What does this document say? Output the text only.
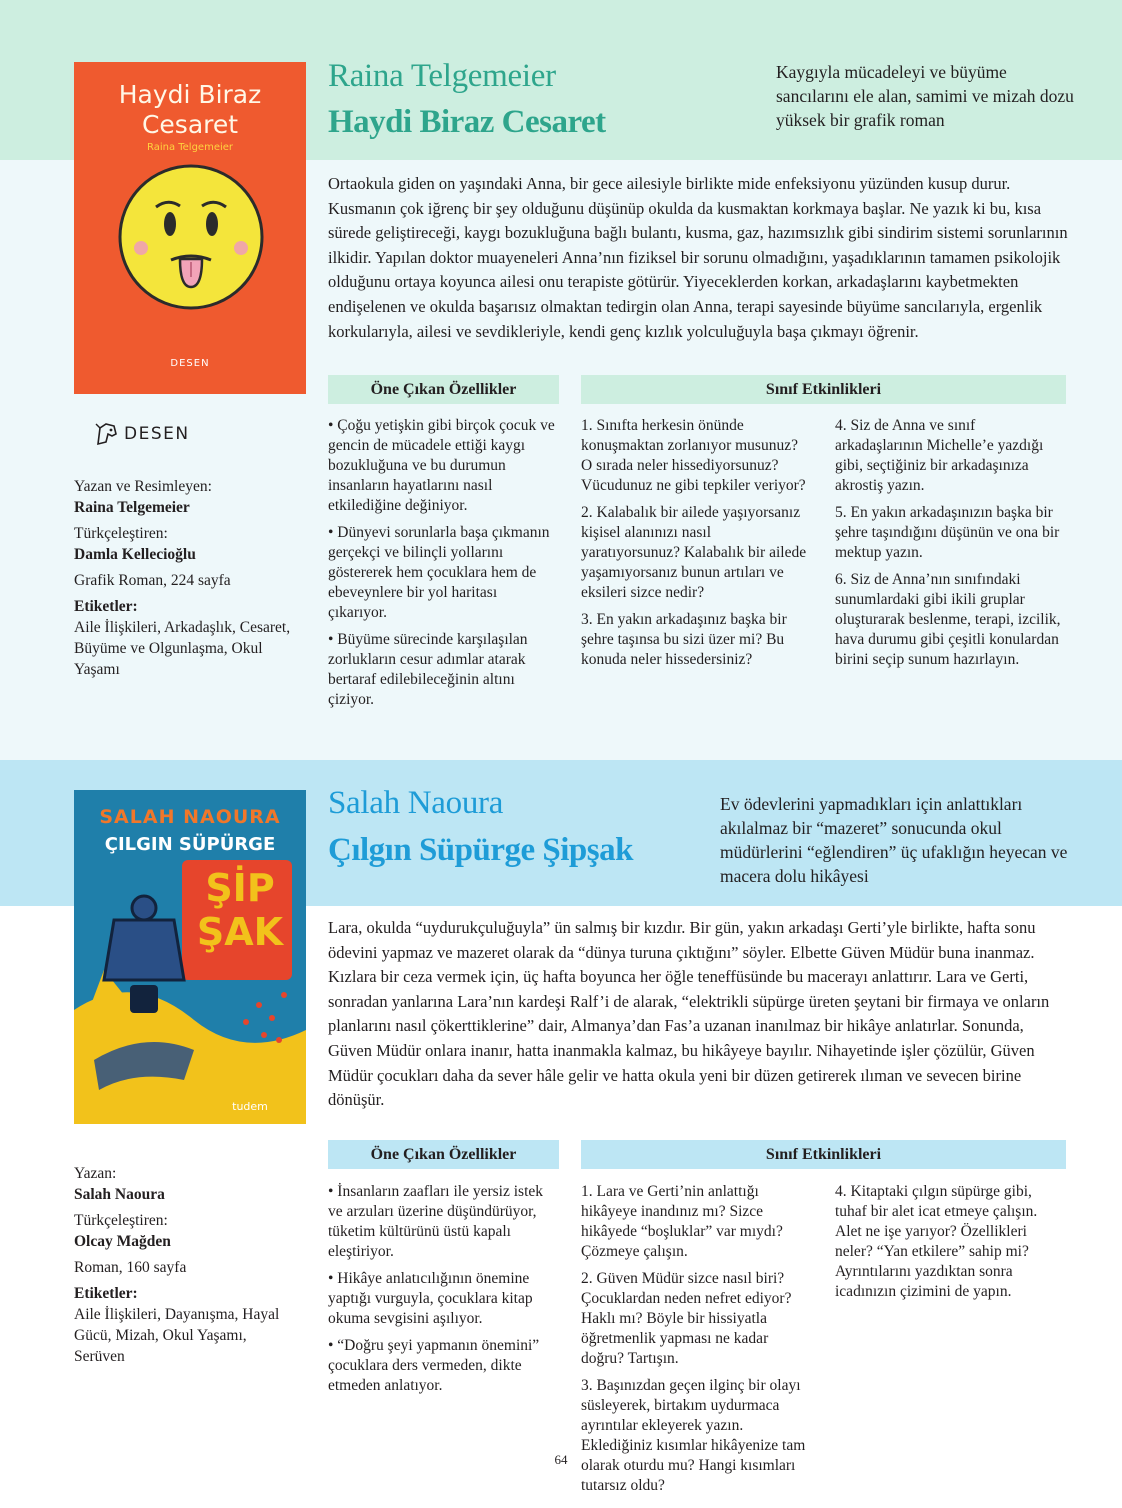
Haydi Biraz
Cesaret
Raina Telgemeier
DESEN
DESEN
Raina Telgemeier
Haydi Biraz Cesaret
Kaygıyla mücadeleyi ve büyüme sancılarını ele alan, samimi ve mizah dozu yüksek bir grafik roman
Ortaokula giden on yaşındaki Anna, bir gece ailesiyle birlikte mide enfeksiyonu yüzünden kusup durur. Kusmanın çok iğrenç bir şey olduğunu düşünüp okulda da kusmaktan korkmaya başlar. Ne yazık ki bu, kısa sürede geliştireceği, kaygı bozukluğuna bağlı bulantı, kusma, gaz, hazımsızlık gibi sindirim sistemi sorunlarının ilkidir. Yapılan doktor muayeneleri Anna’nın fiziksel bir sorunu olmadığını, yaşadıklarının tamamen psikolojik olduğunu ortaya koyunca ailesi onu terapiste götürür. Yiyeceklerden korkan, arkadaşlarını kaybetmekten endişelenen ve okulda başarısız olmaktan tedirgin olan Anna, terapi sayesinde büyüme sancılarıyla, ergenlik korkularıyla, ailesi ve sevdikleriyle, kendi genç kızlık yolculuğuyla başa çıkmayı öğrenir.
Yazan ve Resimleyen:
Raina Telgemeier
Türkçeleştiren:
Damla Kellecioğlu
Grafik Roman, 224 sayfa
Etiketler:
Aile İlişkileri, Arkadaşlık, Cesaret, Büyüme ve Olgunlaşma, Okul Yaşamı
Öne Çıkan Özellikler	Sınıf Etkinlikleri

• Çoğu yetişkin gibi birçok çocuk ve gencin de mücadele ettiği kaygı bozukluğuna ve bu durumun insanların hayatlarını nasıl etkilediğine değiniyor.

• Dünyevi sorunlarla başa çıkmanın gerçekçi ve bilinçli yollarını göstererek hem çocuklara hem de ebeveynlere bir yol haritası çıkarıyor.

• Büyüme sürecinde karşılaşılan zorlukların cesur adımlar atarak bertaraf edilebileceğinin altını çiziyor.

1. Sınıfta herkesin önünde konuşmaktan zorlanıyor musunuz? O sırada neler hissediyorsunuz? Vücudunuz ne gibi tepkiler veriyor?

2. Kalabalık bir ailede yaşıyorsanız kişisel alanınızı nasıl yaratıyorsunuz? Kalabalık bir ailede yaşamıyorsanız bunun artıları ve eksileri sizce nedir?

3. En yakın arkadaşınız başka bir şehre taşınsa bu sizi üzer mi? Bu konuda neler hissedersiniz?

4. Siz de Anna ve sınıf arkadaşlarının Michelle’e yazdığı gibi, seçtiğiniz bir arkadaşınıza akrostiş yazın.

5. En yakın arkadaşınızın başka bir şehre taşındığını düşünün ve ona bir mektup yazın.

6. Siz de Anna’nın sınıfındaki sunumlardaki gibi ikili gruplar oluşturarak beslenme, terapi, izcilik, hava durumu gibi çeşitli konulardan birini seçip sunum hazırlayın.

SALAH NAOURA
ÇILGIN SÜPÜRGE
ŞİP
ŞAK
tudem
Salah Naoura
Çılgın Süpürge Şipşak
Ev ödevlerini yapmadıkları için anlattıkları akılalmaz bir “mazeret” sonucunda okul müdürlerini “eğlendiren” üç ufaklığın heyecan ve macera dolu hikâyesi
Lara, okulda “uydurukçuluğuyla” ün salmış bir kızdır. Bir gün, yakın arkadaşı Gerti’yle birlikte, hafta sonu ödevini yapmaz ve mazeret olarak da “dünya turuna çıktığını” söyler. Elbette Güven Müdür buna inanmaz. Kızlara bir ceza vermek için, üç hafta boyunca her öğle teneffüsünde bu macerayı anlattırır. Lara ve Gerti, sonradan yanlarına Lara’nın kardeşi Ralf’i de alarak, “elektrikli süpürge üreten şeytani bir firmaya ve onların planlarını nasıl çökerttiklerine” dair, Almanya’dan Fas’a uzanan inanılmaz bir hikâye anlatırlar. Sonunda, Güven Müdür onlara inanır, hatta inanmakla kalmaz, bu hikâyeye bayılır. Nihayetinde işler çözülür, Güven Müdür çocukları daha da sever hâle gelir ve hatta okula yeni bir düzen getirerek ılıman ve sevecen birine dönüşür.
Yazan:
Salah Naoura
Türkçeleştiren:
Olcay Mağden
Roman, 160 sayfa
Etiketler:
Aile İlişkileri, Dayanışma, Hayal Gücü, Mizah, Okul Yaşamı, Serüven
Öne Çıkan Özellikler	Sınıf Etkinlikleri

• İnsanların zaafları ile yersiz istek ve arzuları üzerine düşündürüyor, tüketim kültürünü üstü kapalı eleştiriyor.

• Hikâye anlatıcılığının önemine yaptığı vurguyla, çocuklara kitap okuma sevgisini aşılıyor.

• “Doğru şeyi yapmanın önemini” çocuklara ders vermeden, dikte etmeden anlatıyor.

1. Lara ve Gerti’nin anlattığı hikâyeye inandınız mı? Sizce hikâyede “boşluklar” var mıydı? Çözmeye çalışın.

2. Güven Müdür sizce nasıl biri? Çocuklardan neden nefret ediyor? Haklı mı? Böyle bir hissiyatla öğretmenlik yapması ne kadar doğru? Tartışın.

3. Başınızdan geçen ilginç bir olayı süsleyerek, birtakım uydurmaca ayrıntılar ekleyerek yazın. Eklediğiniz kısımlar hikâyenize tam olarak oturdu mu? Hangi kısımları tutarsız oldu?

4. Kitaptaki çılgın süpürge gibi, tuhaf bir alet icat etmeye çalışın. Alet ne işe yarıyor? Özellikleri neler? “Yan etkilere” sahip mi? Ayrıntılarını yazdıktan sonra icadınızın çizimini de yapın.

64
